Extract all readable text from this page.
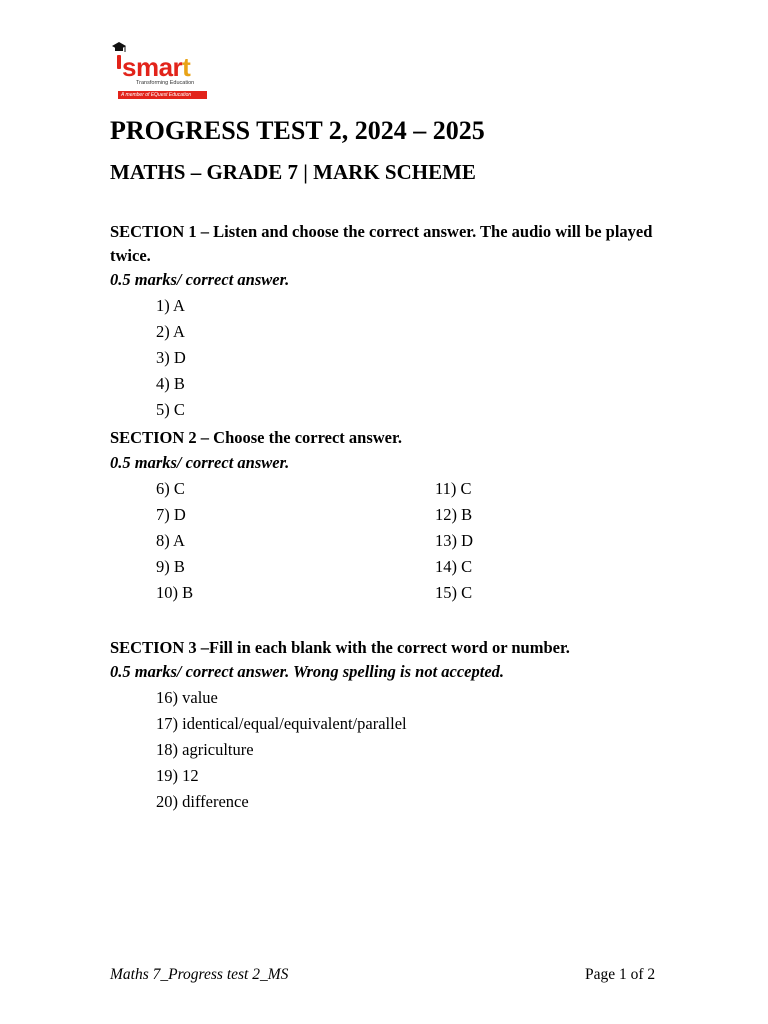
smart
Transforming Education
A member of EQuest Education
PROGRESS TEST 2, 2024 – 2025
MATHS – GRADE 7 | MARK SCHEME

SECTION 1 – Listen and choose the correct answer. The audio will be played twice.

0.5 marks/ correct answer.

1) A

2) A

3) D

4) B

5) C

SECTION 2 – Choose the correct answer.

0.5 marks/ correct answer.

6) C

7) D

8) A

9) B

10) B

11) C

12) B

13) D

14) C

15) C

SECTION 3 –Fill in each blank with the correct word or number.

0.5 marks/ correct answer. Wrong spelling is not accepted.

16) value

17) identical/equal/equivalent/parallel

18) agriculture

19) 12

20) difference

Maths 7_Progress test 2_MS	Page 1 of 2
